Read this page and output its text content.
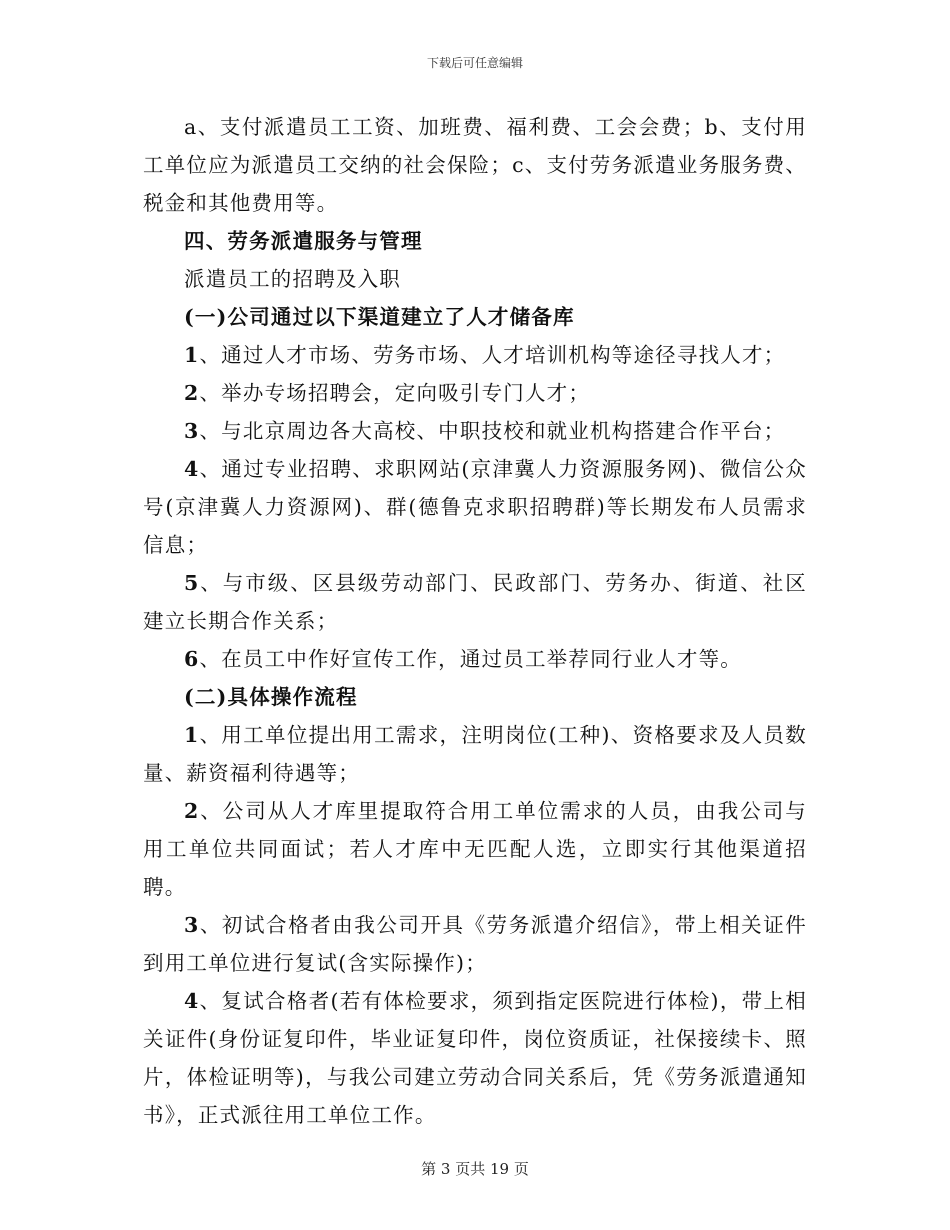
下载后可任意编辑

a、支付派遣员工工资、加班费、福利费、工会会费；b、支付用工单位应为派遣员工交纳的社会保险；c、支付劳务派遣业务服务费、税金和其他费用等。

四、劳务派遣服务与管理

派遣员工的招聘及入职

(一)公司通过以下渠道建立了人才储备库

1、通过人才市场、劳务市场、人才培训机构等途径寻找人才；

2、举办专场招聘会，定向吸引专门人才；

3、与北京周边各大高校、中职技校和就业机构搭建合作平台；

4、通过专业招聘、求职网站(京津冀人力资源服务网)、微信公众号(京津冀人力资源网)、群(德鲁克求职招聘群)等长期发布人员需求信息；

5、与市级、区县级劳动部门、民政部门、劳务办、街道、社区建立长期合作关系；

6、在员工中作好宣传工作，通过员工举荐同行业人才等。

(二)具体操作流程

1、用工单位提出用工需求，注明岗位(工种)、资格要求及人员数量、薪资福利待遇等；

2、公司从人才库里提取符合用工单位需求的人员，由我公司与用工单位共同面试；若人才库中无匹配人选，立即实行其他渠道招聘。

3、初试合格者由我公司开具《劳务派遣介绍信》，带上相关证件到用工单位进行复试(含实际操作)；

4、复试合格者(若有体检要求，须到指定医院进行体检)，带上相关证件(身份证复印件，毕业证复印件，岗位资质证，社保接续卡、照片，体检证明等)，与我公司建立劳动合同关系后，凭《劳务派遣通知书》，正式派往用工单位工作。

第 3 页共 19 页
